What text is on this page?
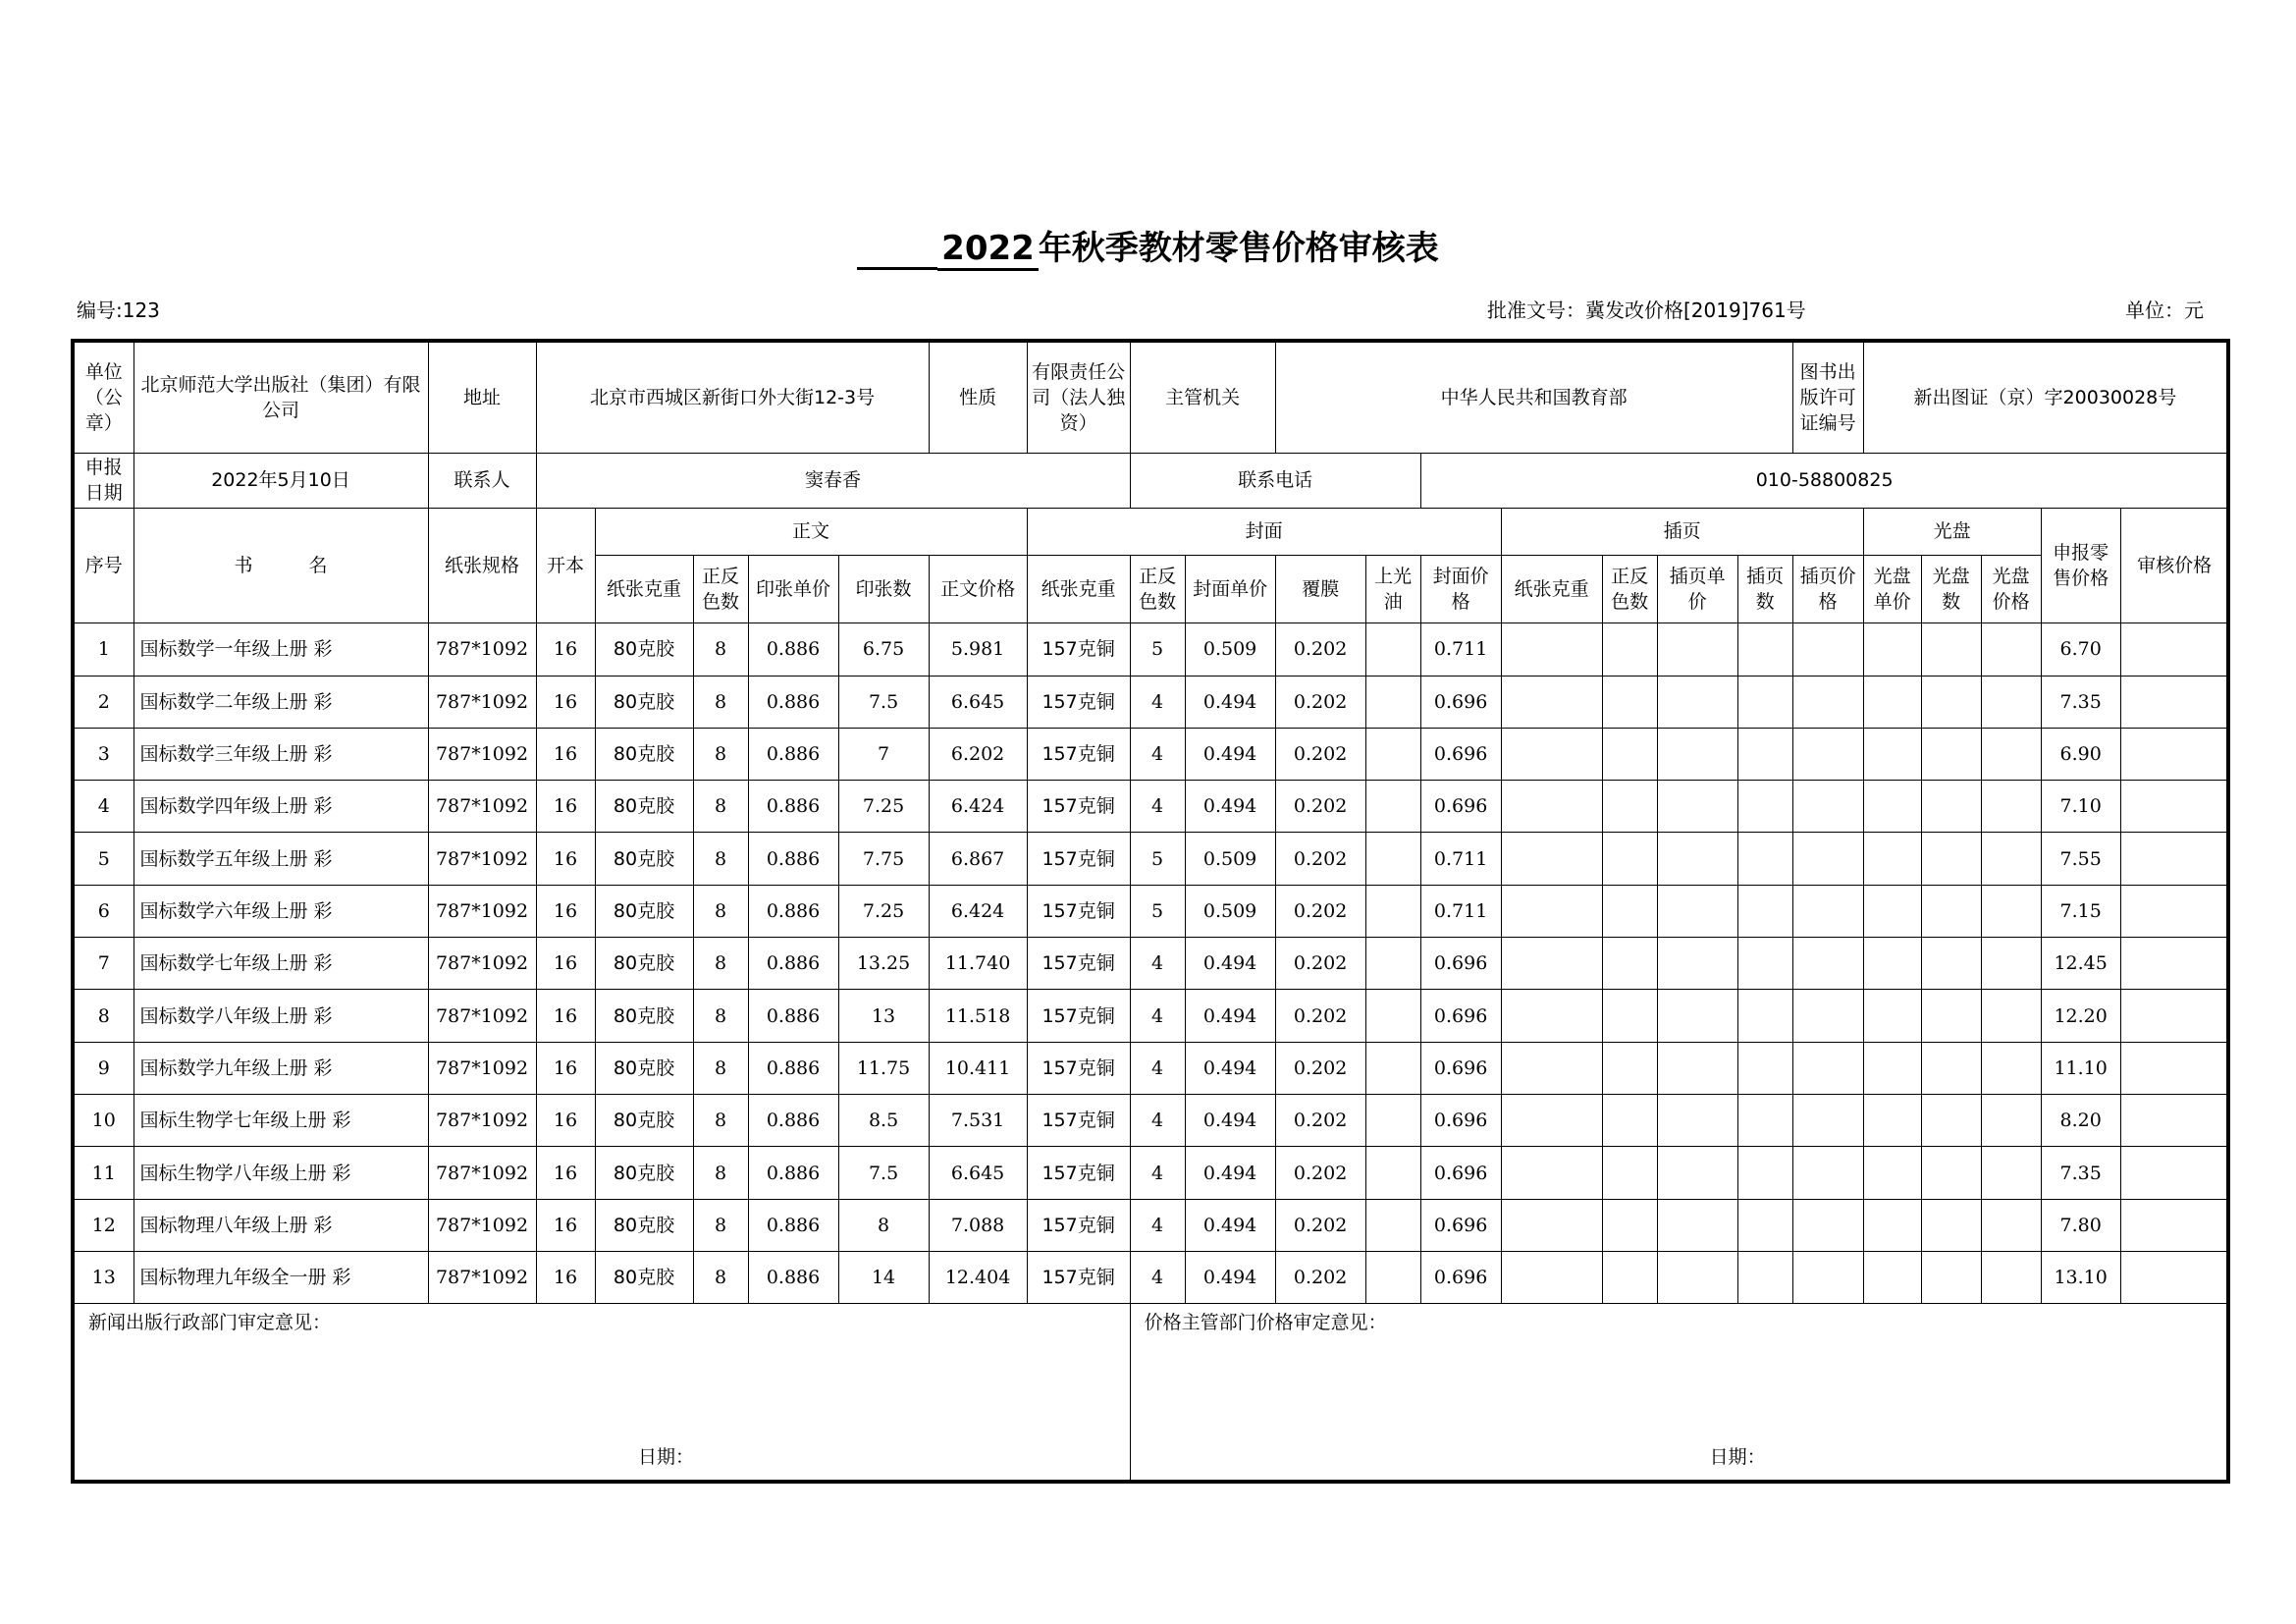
2022 年秋季教材零售价格审核表
编号:123	批准文号：冀发改价格[2019]761号	单位：元
单位（公章）	北京师范大学出版社（集团）有限公司	地址	北京市西城区新街口外大街12-3号					性质	有限责任公司（法人独资）	主管机关		中华人民共和国教育部							图书出版许可证编号	新出图证（京）字20030028号				
申报日期	2022年5月10日	联系人	窦春香							联系电话				010-58800825										
序号	书　　　名	纸张规格	开本	正文					封面						插页					光盘			申报零售价格	审核价格
				纸张克重	正反色数	印张单价	印张数	正文价格	纸张克重	正反色数	封面单价	覆膜	上光油	封面价格	纸张克重	正反色数	插页单价	插页数	插页价格	光盘单价	光盘数	光盘价格		
1	国标数学一年级上册 彩	787*1092	16	80克胶	8	0.886	6.75	5.981	157克铜	5	0.509	0.202		0.711									6.70	
2	国标数学二年级上册 彩	787*1092	16	80克胶	8	0.886	7.5	6.645	157克铜	4	0.494	0.202		0.696									7.35	
3	国标数学三年级上册 彩	787*1092	16	80克胶	8	0.886	7	6.202	157克铜	4	0.494	0.202		0.696									6.90	
4	国标数学四年级上册 彩	787*1092	16	80克胶	8	0.886	7.25	6.424	157克铜	4	0.494	0.202		0.696									7.10	
5	国标数学五年级上册 彩	787*1092	16	80克胶	8	0.886	7.75	6.867	157克铜	5	0.509	0.202		0.711									7.55	
6	国标数学六年级上册 彩	787*1092	16	80克胶	8	0.886	7.25	6.424	157克铜	5	0.509	0.202		0.711									7.15	
7	国标数学七年级上册 彩	787*1092	16	80克胶	8	0.886	13.25	11.740	157克铜	4	0.494	0.202		0.696									12.45	
8	国标数学八年级上册 彩	787*1092	16	80克胶	8	0.886	13	11.518	157克铜	4	0.494	0.202		0.696									12.20	
9	国标数学九年级上册 彩	787*1092	16	80克胶	8	0.886	11.75	10.411	157克铜	4	0.494	0.202		0.696									11.10	
10	国标生物学七年级上册 彩	787*1092	16	80克胶	8	0.886	8.5	7.531	157克铜	4	0.494	0.202		0.696									8.20	
11	国标生物学八年级上册 彩	787*1092	16	80克胶	8	0.886	7.5	6.645	157克铜	4	0.494	0.202		0.696									7.35	
12	国标物理八年级上册 彩	787*1092	16	80克胶	8	0.886	8	7.088	157克铜	4	0.494	0.202		0.696									7.80	
13	国标物理九年级全一册 彩	787*1092	16	80克胶	8	0.886	14	12.404	157克铜	4	0.494	0.202		0.696									13.10	

新闻出版行政部门审定意见：
日期：										价格主管部门价格审定意见：
日期：														
